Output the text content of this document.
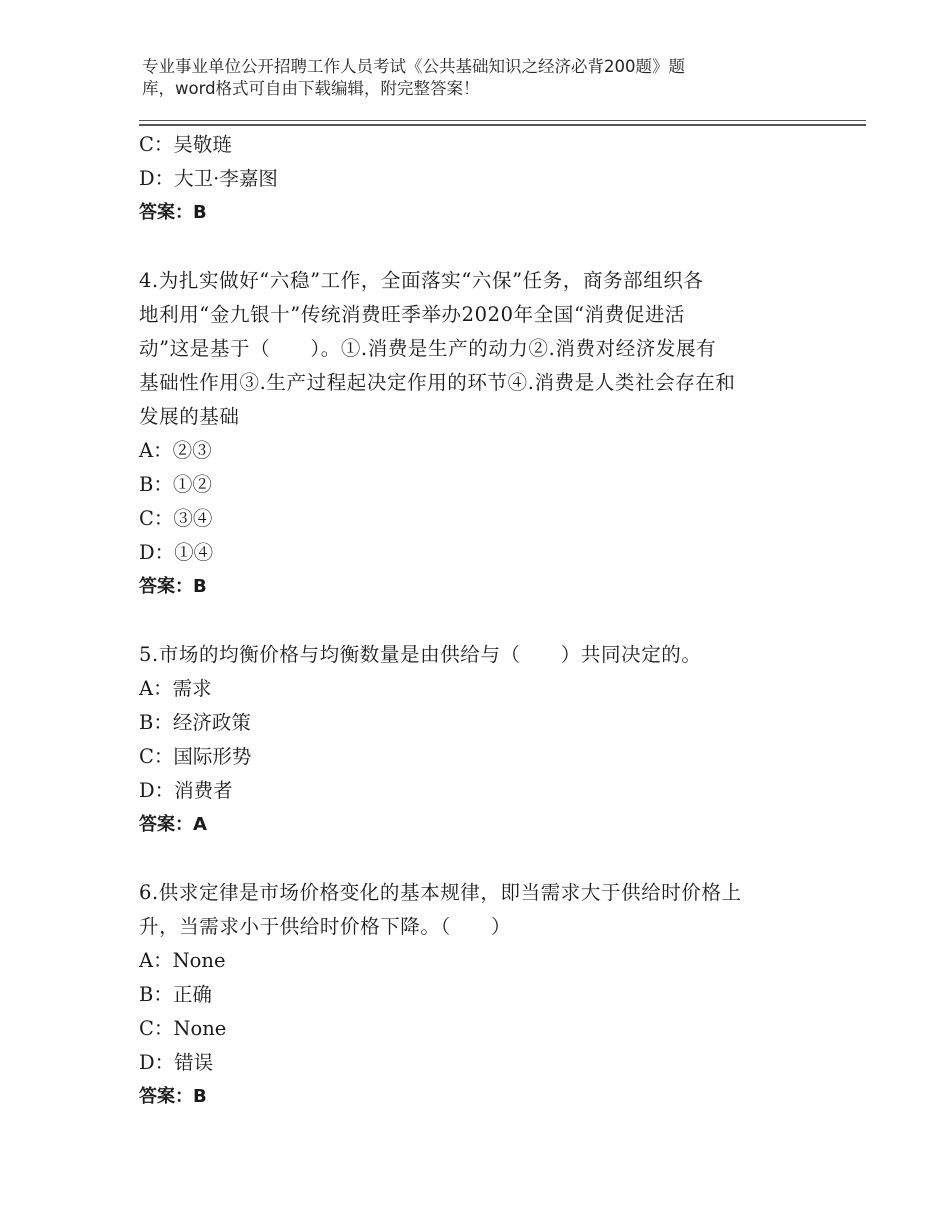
专业事业单位公开招聘工作人员考试《公共基础知识之经济必背200题》题
库，word格式可自由下载编辑，附完整答案！
C：吴敬琏
D：大卫·李嘉图
答案：B
4.为扎实做好“六稳”工作，全面落实“六保”任务，商务部组织各
地利用“金九银十”传统消费旺季举办2020年全国“消费促进活
动”这是基于（　　）。①.消费是生产的动力②.消费对经济发展有
基础性作用③.生产过程起决定作用的环节④.消费是人类社会存在和
发展的基础
A：②③
B：①②
C：③④
D：①④
答案：B
5.市场的均衡价格与均衡数量是由供给与（　　）共同决定的。
A：需求
B：经济政策
C：国际形势
D：消费者
答案：A
6.供求定律是市场价格变化的基本规律，即当需求大于供给时价格上
升，当需求小于供给时价格下降。（　　）
A：None
B：正确
C：None
D：错误
答案：B
